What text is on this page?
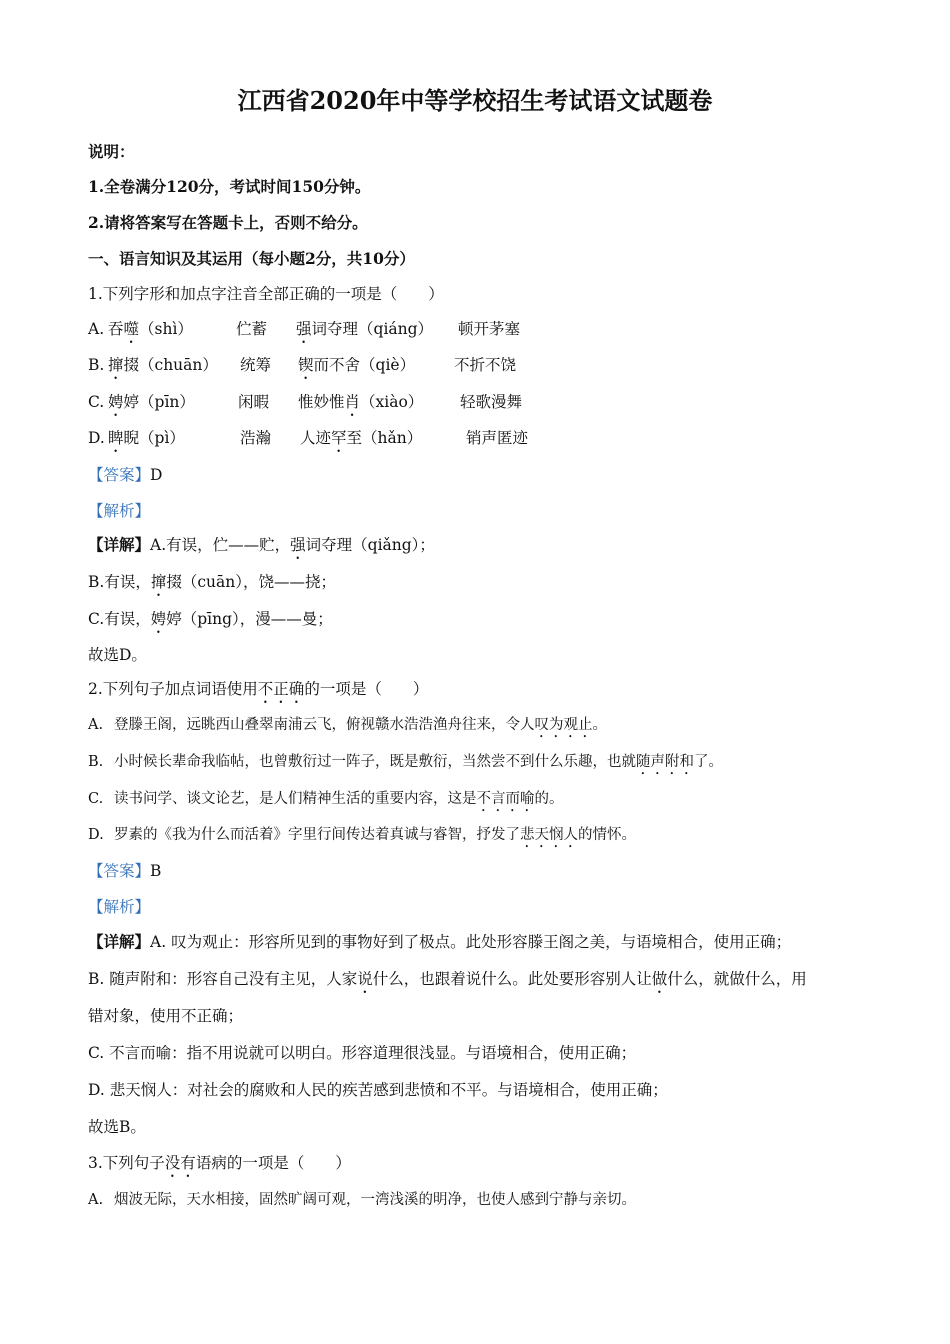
江西省2020年中等学校招生考试语文试题卷
说明：
1.全卷满分120分，考试时间150分钟。
2.请将答案写在答题卡上，否则不给分。
一、语言知识及其运用（每小题2分，共10分）
1.下列字形和加点字注音全部正确的一项是（　　）
A. 吞噬（shì）	伫蓄 强词夺理（qiáng） 顿开茅塞
B. 撺掇（chuān） 统筹 锲而不舍（qiè）	不折不饶
C. 娉婷（pīn）	闲暇 惟妙惟肖（xiào） 轻歌漫舞
D. 睥睨（pì）	浩瀚 人迹罕至（hǎn）	销声匿迹
【答案】D
【解析】
【详解】A.有误，伫——贮，强词夺理（qiǎng）；
B.有误，撺掇（cuān），饶——挠；
C.有误，娉婷（pīng），漫——曼；
故选D。
2.下列句子加点词语使用不正确的一项是（　　）
A. 登滕王阁，远眺西山叠翠南浦云飞，俯视赣水浩浩渔舟往来，令人叹为观止。
B. 小时候长辈命我临帖，也曾敷衍过一阵子，既是敷衍，当然尝不到什么乐趣，也就随声附和了。
C. 读书问学、谈文论艺，是人们精神生活的重要内容，这是不言而喻的。
D. 罗素的《我为什么而活着》字里行间传达着真诚与睿智，抒发了悲天悯人的情怀。
【答案】B
【解析】
【详解】A. 叹为观止：形容所见到的事物好到了极点。此处形容滕王阁之美，与语境相合，使用正确；
B. 随声附和：形容自己没有主见，人家说什么，也跟着说什么。此处要形容别人让做什么，就做什么，用
错对象，使用不正确；
C. 不言而喻：指不用说就可以明白。形容道理很浅显。与语境相合，使用正确；
D. 悲天悯人：对社会的腐败和人民的疾苦感到悲愤和不平。与语境相合，使用正确；
故选B。
3.下列句子没有语病的一项是（　　）
A. 烟波无际，天水相接，固然旷阔可观，一湾浅溪的明净，也使人感到宁静与亲切。
